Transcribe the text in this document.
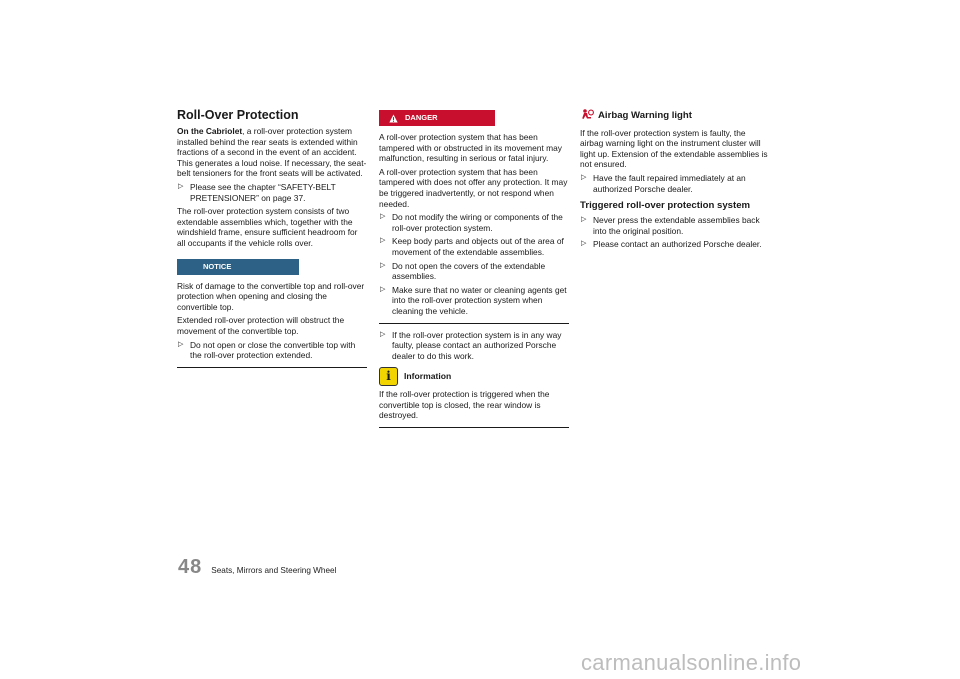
Roll-Over Protection

On the Cabriolet, a roll-over protection system installed behind the rear seats is extended within fractions of a second in the event of an accident. This generates a loud noise. If necessary, the seat-belt tensioners for the front seats will be activated.

▷ Please see the chapter “SAFETY-BELT PRETENSIONER” on page 37.

The roll-over protection system consists of two extendable assemblies which, together with the windshield frame, ensure sufficient headroom for all occupants if the vehicle rolls over.

NOTICE

Risk of damage to the convertible top and roll-over protection when opening and closing the convertible top.

Extended roll-over protection will obstruct the movement of the convertible top.

▷ Do not open or close the convertible top with the roll-over protection extended.
DANGER

A roll-over protection system that has been tampered with or obstructed in its movement may malfunction, resulting in serious or fatal injury.

A roll-over protection system that has been tampered with does not offer any protection. It may be triggered inadvertently, or not respond when needed.

▷ Do not modify the wiring or components of the roll-over protection system.
▷ Keep body parts and objects out of the area of movement of the extendable assemblies.
▷ Do not open the covers of the extendable assemblies.
▷ Make sure that no water or cleaning agents get into the roll-over protection system when cleaning the vehicle.
▷ If the roll-over protection system is in any way faulty, please contact an authorized Porsche dealer to do this work.
i	Information

If the roll-over protection is triggered when the convertible top is closed, the rear window is destroyed.

Airbag Warning light

If the roll-over protection system is faulty, the airbag warning light on the instrument cluster will light up. Extension of the extendable assemblies is not ensured.

▷ Have the fault repaired immediately at an authorized Porsche dealer.
Triggered roll-over protection system
▷ Never press the extendable assemblies back into the original position.
▷ Please contact an authorized Porsche dealer.
48 Seats, Mirrors and Steering Wheel
carmanualsonline.info
